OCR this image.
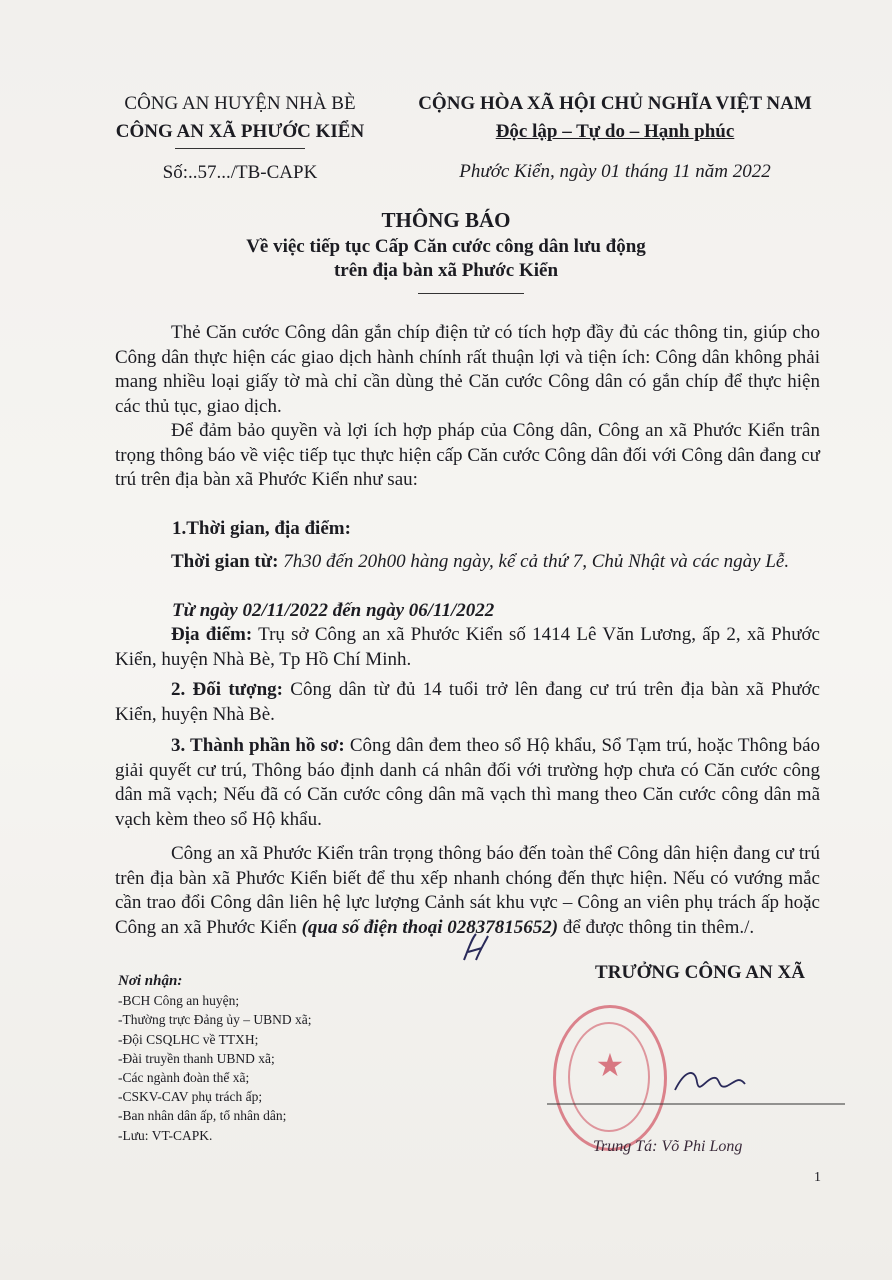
CÔNG AN HUYỆN NHÀ BÈ
CÔNG AN XÃ PHƯỚC KIỂN
Số:..57.../TB-CAPK
CỘNG HÒA XÃ HỘI CHỦ NGHĨA VIỆT NAM
Độc lập – Tự do – Hạnh phúc
Phước Kiển, ngày 01 tháng 11 năm 2022
THÔNG BÁO
Về việc tiếp tục Cấp Căn cước công dân lưu động
trên địa bàn xã Phước Kiển
Thẻ Căn cước Công dân gắn chíp điện tử có tích hợp đầy đủ các thông tin, giúp cho Công dân thực hiện các giao dịch hành chính rất thuận lợi và tiện ích: Công dân không phải mang nhiều loại giấy tờ mà chỉ cần dùng thẻ Căn cước Công dân có gắn chíp để thực hiện các thủ tục, giao dịch.
Để đảm bảo quyền và lợi ích hợp pháp của Công dân, Công an xã Phước Kiển trân trọng thông báo về việc tiếp tục thực hiện cấp Căn cước Công dân đối với Công dân đang cư trú trên địa bàn xã Phước Kiển như sau:
1.Thời gian, địa điểm:
Thời gian từ: 7h30 đến 20h00 hàng ngày, kể cả thứ 7, Chủ Nhật và các ngày Lễ.
Từ ngày 02/11/2022 đến ngày 06/11/2022
Địa điểm: Trụ sở Công an xã Phước Kiển số 1414 Lê Văn Lương, ấp 2, xã Phước Kiển, huyện Nhà Bè, Tp Hồ Chí Minh.
2. Đối tượng: Công dân từ đủ 14 tuổi trở lên đang cư trú trên địa bàn xã Phước Kiển, huyện Nhà Bè.
3. Thành phần hồ sơ: Công dân đem theo sổ Hộ khẩu, Sổ Tạm trú, hoặc Thông báo giải quyết cư trú, Thông báo định danh cá nhân đối với trường hợp chưa có Căn cước công dân mã vạch; Nếu đã có Căn cước công dân mã vạch thì mang theo Căn cước công dân mã vạch kèm theo sổ Hộ khẩu.
Công an xã Phước Kiển trân trọng thông báo đến toàn thể Công dân hiện đang cư trú trên địa bàn xã Phước Kiển biết để thu xếp nhanh chóng đến thực hiện. Nếu có vướng mắc cần trao đổi Công dân liên hệ lực lượng Cảnh sát khu vực – Công an viên phụ trách ấp hoặc Công an xã Phước Kiển (qua số điện thoại 02837815652) để được thông tin thêm./.
Nơi nhận:
-BCH Công an huyện;
-Thường trực Đảng ủy – UBND xã;
-Đội CSQLHC về TTXH;
-Đài truyền thanh UBND xã;
-Các ngành đoàn thể xã;
-CSKV-CAV phụ trách ấp;
-Ban nhân dân ấp, tổ nhân dân;
-Lưu: VT-CAPK.
TRƯỞNG CÔNG AN XÃ
★
Trung Tá: Võ Phi Long
1
